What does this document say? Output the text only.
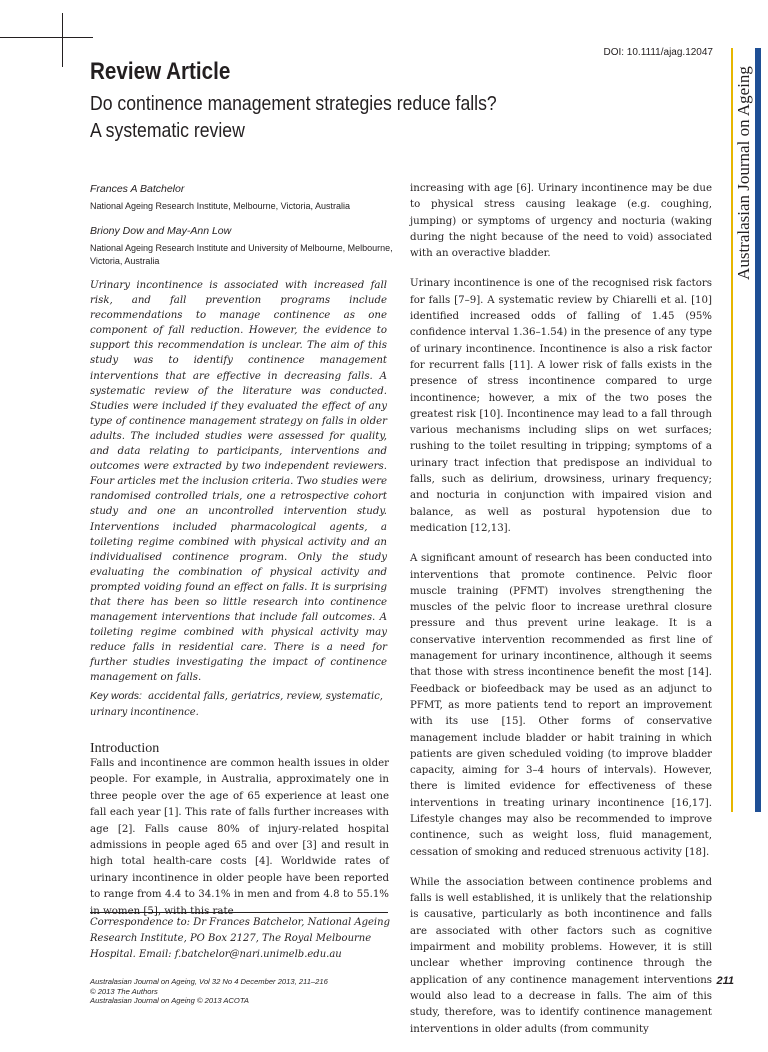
DOI: 10.1111/ajag.12047
Australasian Journal on Ageing
Review Article
Do continence management strategies reduce falls?
A systematic review
Frances A Batchelor
National Ageing Research Institute, Melbourne, Victoria, Australia
Briony Dow and May-Ann Low
National Ageing Research Institute and University of Melbourne, Melbourne, Victoria, Australia
Urinary incontinence is associated with increased fall risk, and fall prevention programs include recommendations to manage continence as one component of fall reduction. However, the evidence to support this recommendation is unclear. The aim of this study was to identify continence management interventions that are effective in decreasing falls. A systematic review of the literature was conducted. Studies were included if they evaluated the effect of any type of continence management strategy on falls in older adults. The included studies were assessed for quality, and data relating to participants, interventions and outcomes were extracted by two independent reviewers. Four articles met the inclusion criteria. Two studies were randomised controlled trials, one a retrospective cohort study and one an uncontrolled intervention study. Interventions included pharmacological agents, a toileting regime combined with physical activity and an individualised continence program. Only the study evaluating the combination of physical activity and prompted voiding found an effect on falls. It is surprising that there has been so little research into continence management interventions that include fall outcomes. A toileting regime combined with physical activity may reduce falls in residential care. There is a need for further studies investigating the impact of continence management on falls.
Key words: accidental falls, geriatrics, review, systematic, urinary incontinence.
Introduction

Falls and incontinence are common health issues in older people. For example, in Australia, approximately one in three people over the age of 65 experience at least one fall each year [1]. This rate of falls further increases with age [2]. Falls cause 80% of injury-related hospital admissions in people aged 65 and over [3] and result in high total health-care costs [4]. Worldwide rates of urinary incontinence in older people have been reported to range from 4.4 to 34.1% in men and from 4.8 to 55.1%

Correspondence to: Dr Frances Batchelor, National Ageing Research Institute, PO Box 2127, The Royal Melbourne Hospital. Email: f.batchelor@nari.unimelb.edu.au

increasing with age [6]. Urinary incontinence may be due to physical stress causing leakage (e.g. coughing, jumping) or symptoms of urgency and nocturia (waking during the night because of the need to void) associated with an overactive bladder.

Urinary incontinence is one of the recognised risk factors for falls [7–9]. A systematic review by Chiarelli et al. [10] identified increased odds of falling of 1.45 (95% confidence interval 1.36–1.54) in the presence of any type of urinary incontinence. Incontinence is also a risk factor for recurrent falls [11]. A lower risk of falls exists in the presence of stress incontinence compared to urge incontinence; however, a mix of the two poses the greatest risk [10]. Incontinence may lead to a fall through various mechanisms including slips on wet surfaces; rushing to the toilet resulting in tripping; symptoms of a urinary tract infection that predispose an individual to falls, such as delirium, drowsiness, urinary frequency; and nocturia in conjunction with impaired vision and balance, as well as postural hypotension due to medication [12,13].

A significant amount of research has been conducted into interventions that promote continence. Pelvic floor muscle training (PFMT) involves strengthening the muscles of the pelvic floor to increase urethral closure pressure and thus prevent urine leakage. It is a conservative intervention recommended as first line of management for urinary incontinence, although it seems that those with stress incontinence benefit the most [14]. Feedback or biofeedback may be used as an adjunct to PFMT, as more patients tend to report an improvement with its use [15]. Other forms of conservative management include bladder or habit training in which patients are given scheduled voiding (to improve bladder capacity, aiming for 3–4 hours of intervals). However, there is limited evidence for effectiveness of these interventions in treating urinary incontinence [16,17]. Lifestyle changes may also be recommended to improve continence, such as weight loss, fluid management, cessation of smoking and reduced strenuous activity [18].

While the association between continence problems and falls is well established, it is unlikely that the relationship is causative, particularly as both incontinence and falls are associated with other factors such as cognitive impairment and mobility problems. However, it is still unclear whether improving continence through the application of any continence management interventions would also lead to a decrease in falls. The aim of this study, therefore, was to identify continence management interventions in older adults (from community

Australasian Journal on Ageing, Vol 32 No 4 December 2013, 211–216
© 2013 The Authors
Australasian Journal on Ageing © 2013 ACOTA
211
